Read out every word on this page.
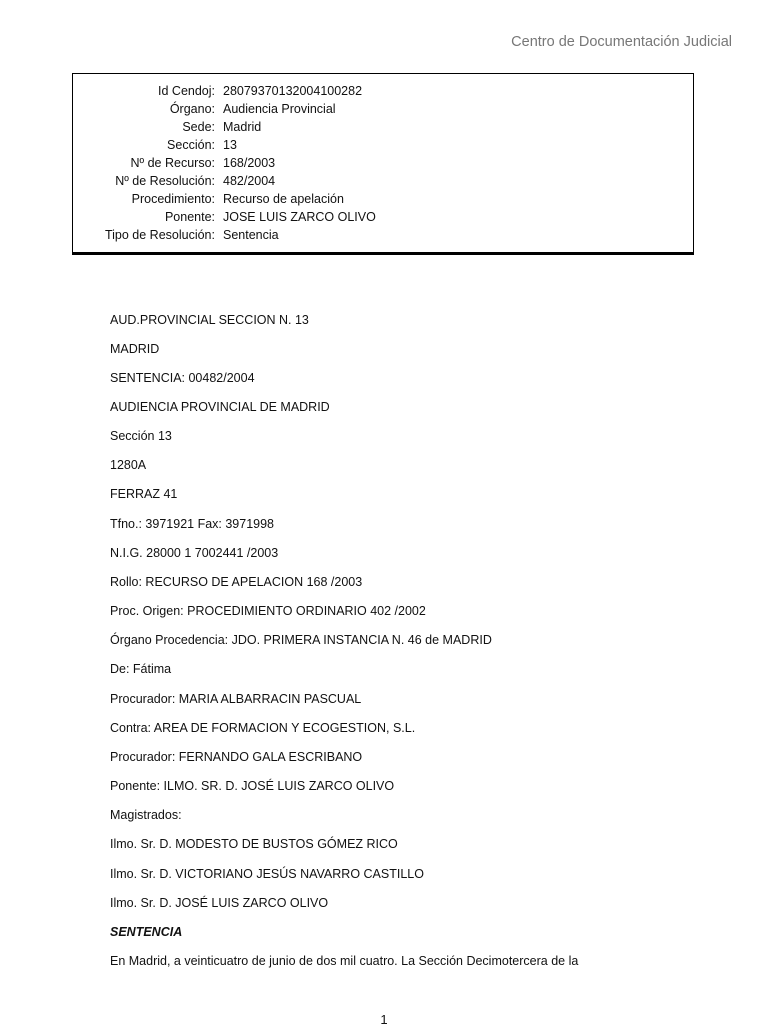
Centro de Documentación Judicial
Id Cendoj: 28079370132004100282
Órgano: Audiencia Provincial
Sede: Madrid
Sección: 13
Nº de Recurso: 168/2003
Nº de Resolución: 482/2004
Procedimiento: Recurso de apelación
Ponente: JOSE LUIS ZARCO OLIVO
Tipo de Resolución: Sentencia
AUD.PROVINCIAL SECCION N. 13
MADRID
SENTENCIA: 00482/2004
AUDIENCIA PROVINCIAL DE MADRID
Sección 13
1280A
FERRAZ 41
Tfno.: 3971921 Fax: 3971998
N.I.G. 28000 1 7002441 /2003
Rollo: RECURSO DE APELACION 168 /2003
Proc. Origen: PROCEDIMIENTO ORDINARIO 402 /2002
Órgano Procedencia: JDO. PRIMERA INSTANCIA N. 46 de MADRID
De: Fátima
Procurador: MARIA ALBARRACIN PASCUAL
Contra: AREA DE FORMACION Y ECOGESTION, S.L.
Procurador: FERNANDO GALA ESCRIBANO
Ponente: ILMO. SR. D. JOSÉ LUIS ZARCO OLIVO
Magistrados:
Ilmo. Sr. D. MODESTO DE BUSTOS GÓMEZ RICO
Ilmo. Sr. D. VICTORIANO JESÚS NAVARRO CASTILLO
Ilmo. Sr. D. JOSÉ LUIS ZARCO OLIVO
SENTENCIA
En Madrid, a veinticuatro de junio de dos mil cuatro. La Sección Decimotercera de la
1
